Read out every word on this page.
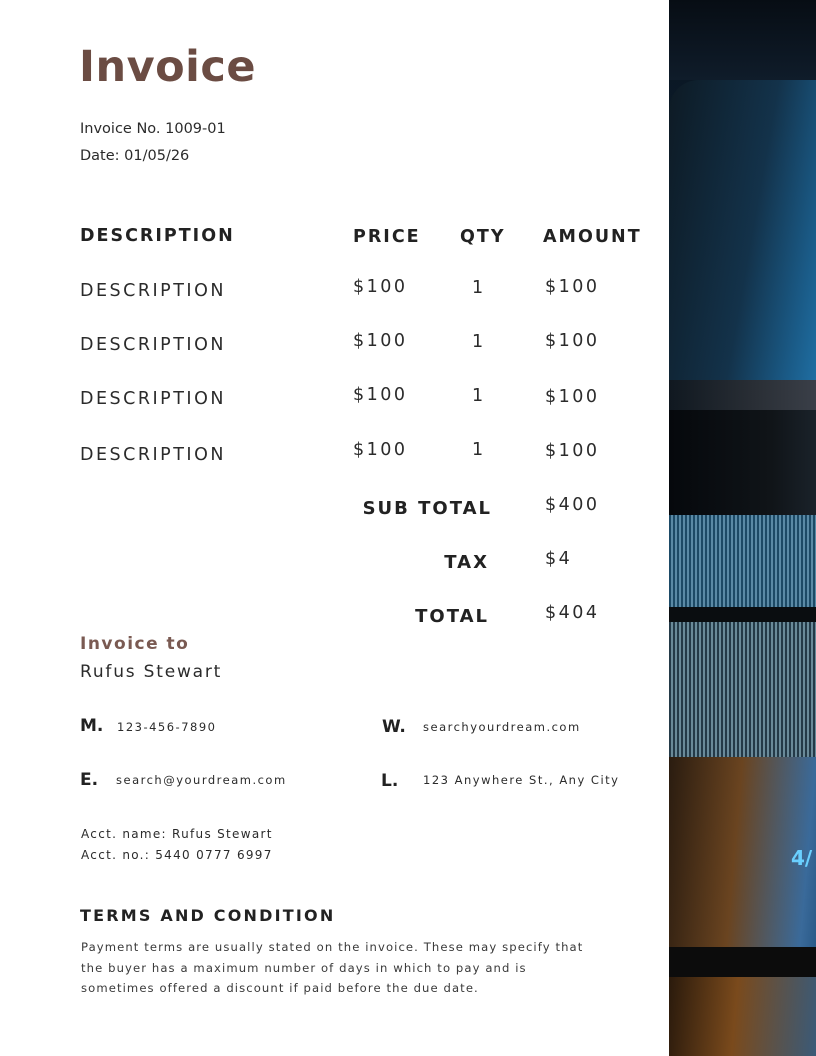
Invoice
Invoice No. 1009-01
Date: 01/05/26
DESCRIPTION	PRICE QTY AMOUNT
DESCRIPTION	$100	1	$100
DESCRIPTION	$100	1	$100
DESCRIPTION	$100	1	$100
DESCRIPTION	$100	1	$100
SUB TOTAL	$400
TAX	$4
TOTAL	$404
Invoice to
Rufus Stewart
M. 123-456-7890	W. searchyourdream.com
E. search@yourdream.com	L. 123 Anywhere St., Any City
Acct. name: Rufus Stewart
Acct. no.: 5440 0777 6997
TERMS AND CONDITION
Payment terms are usually stated on the invoice. These may specify that the buyer has a maximum number of days in which to pay and is sometimes offered a discount if paid before the due date.
4/
